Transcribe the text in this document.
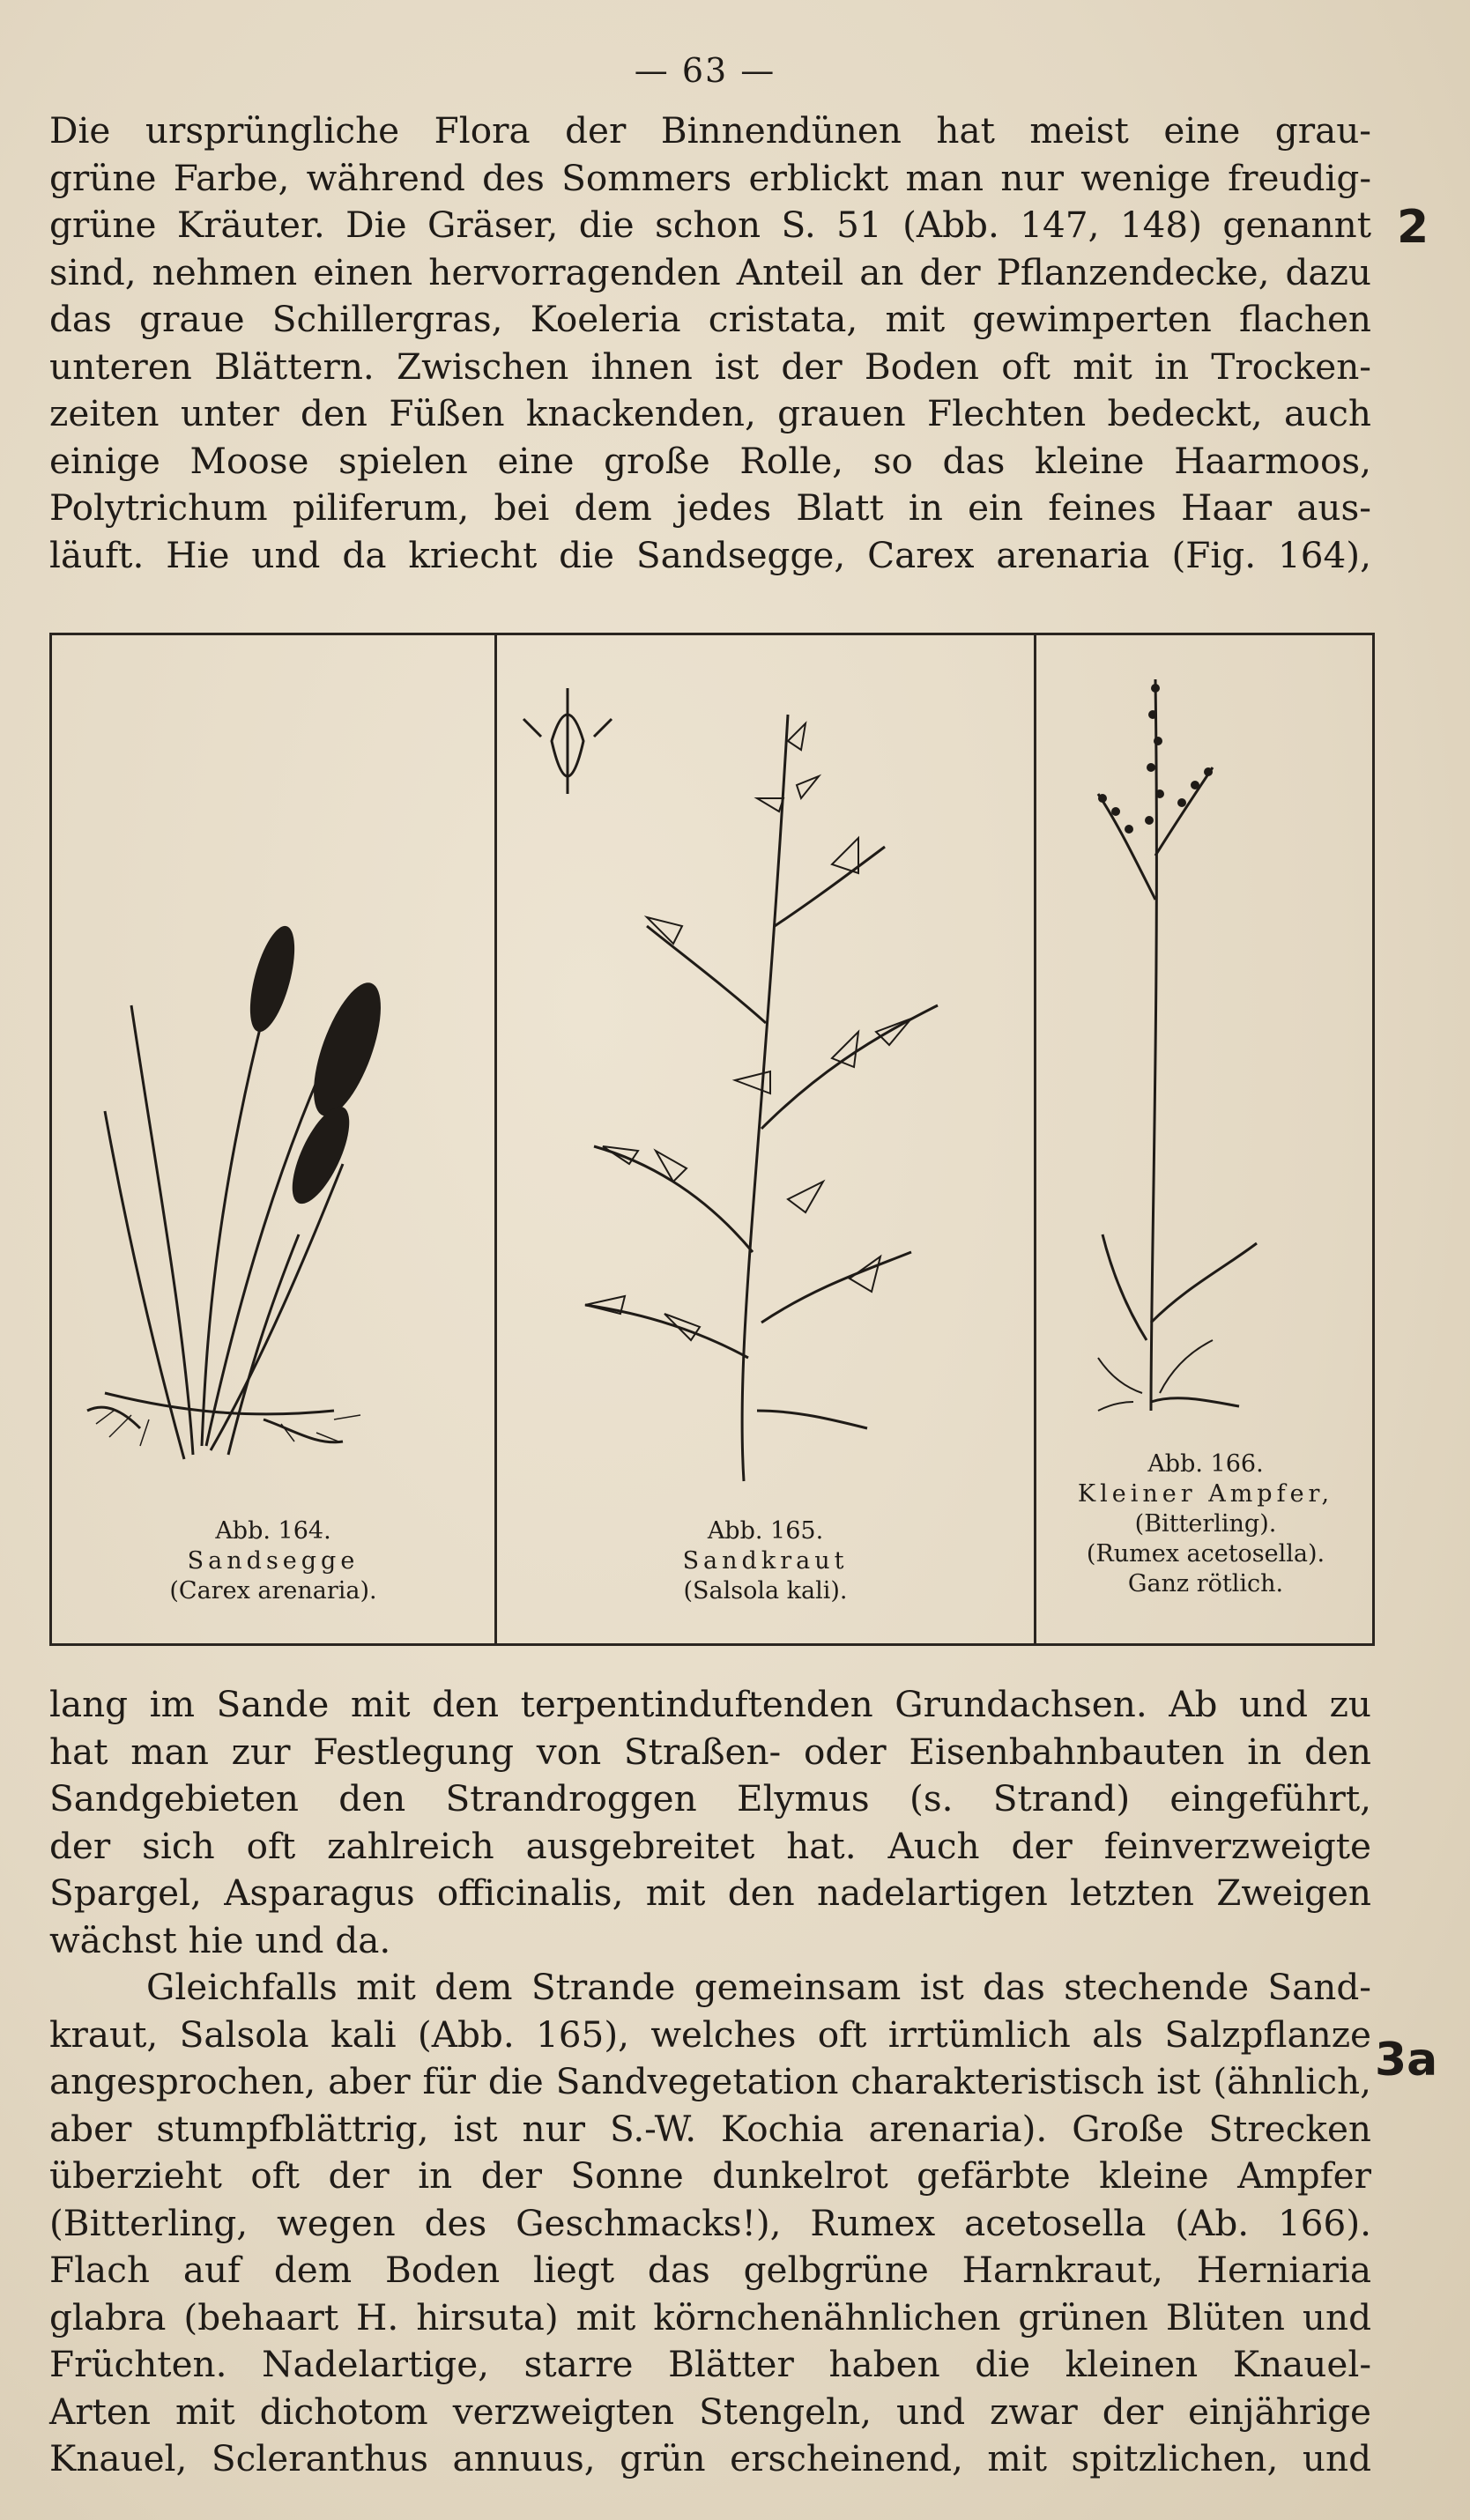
— 63 —

Die ursprüngliche Flora der Binnendünen hat meist eine grau-

grüne Farbe, während des Sommers erblickt man nur wenige freudig-

grüne Kräuter. Die Gräser, die schon S. 51 (Abb. 147, 148) genannt

sind, nehmen einen hervorragenden Anteil an der Pflanzendecke, dazu

das graue Schillergras, Koeleria cristata, mit gewimperten flachen

unteren Blättern. Zwischen ihnen ist der Boden oft mit in Trocken-

zeiten unter den Füßen knackenden, grauen Flechten bedeckt, auch

einige Moose spielen eine große Rolle, so das kleine Haarmoos,

Polytrichum piliferum, bei dem jedes Blatt in ein feines Haar aus-

läuft. Hie und da kriecht die Sandsegge, Carex arenaria (Fig. 164),

2
Abb. 164.
Sandsegge
(Carex arenaria).
Abb. 165.
Sandkraut
(Salsola kali).
Abb. 166.
Kleiner Ampfer,
(Bitterling).
(Rumex acetosella).
Ganz rötlich.

lang im Sande mit den terpentinduftenden Grundachsen. Ab und zu

hat man zur Festlegung von Straßen- oder Eisenbahnbauten in den

Sandgebieten den Strandroggen Elymus (s. Strand) eingeführt,

der sich oft zahlreich ausgebreitet hat. Auch der feinverzweigte

Spargel, Asparagus officinalis, mit den nadelartigen letzten Zweigen

wächst hie und da.

Gleichfalls mit dem Strande gemeinsam ist das stechende Sand-

kraut, Salsola kali (Abb. 165), welches oft irrtümlich als Salzpflanze

angesprochen, aber für die Sandvegetation charakteristisch ist (ähnlich,

aber stumpfblättrig, ist nur S.-W. Kochia arenaria). Große Strecken

überzieht oft der in der Sonne dunkelrot gefärbte kleine Ampfer

(Bitterling, wegen des Geschmacks!), Rumex acetosella (Ab. 166).

Flach auf dem Boden liegt das gelbgrüne Harnkraut, Herniaria

glabra (behaart H. hirsuta) mit körnchenähnlichen grünen Blüten und

Früchten. Nadelartige, starre Blätter haben die kleinen Knauel-

Arten mit dichotom verzweigten Stengeln, und zwar der einjährige

Knauel, Scleranthus annuus, grün erscheinend, mit spitzlichen, und

3a
